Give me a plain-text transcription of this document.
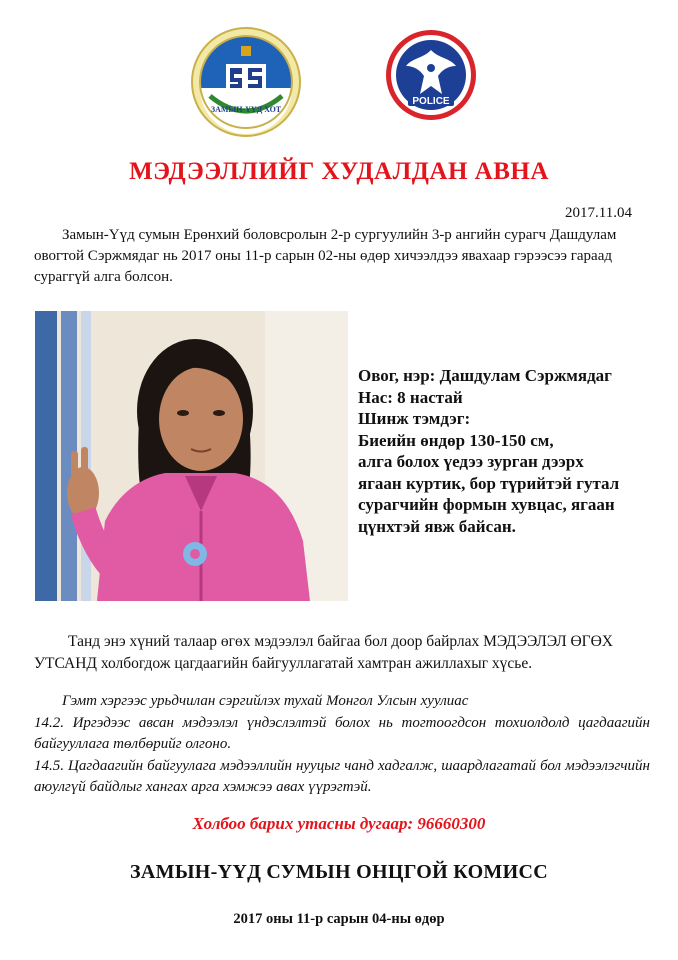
ЗАМЫН-ҮҮД ХОТ
POLICE
МЭДЭЭЛЛИЙГ ХУДАЛДАН АВНА
2017.11.04
Замын-Үүд сумын Ерөнхий боловсролын 2-р сургуулийн 3-р ангийн сурагч Дашдулам овогтой Сэржмядаг нь 2017 оны 11-р сарын 02-ны өдөр хичээлдээ явахаар гэрээсээ гараад сураггүй алга болсон.
Овог, нэр: Дашдулам Сэржмядаг
Нас: 8 настай
Шинж тэмдэг:
Биеийн өндөр 130-150 см,
алга болох үедээ зурган дээрх
ягаан куртик, бор түрийтэй гутал
сурагчийн формын хувцас, ягаан
цүнхтэй явж байсан.
Танд энэ хүний талаар өгөх мэдээлэл байгаа бол доор байрлах МЭДЭЭЛЭЛ ӨГӨХ УТСАНД холбогдож цагдаагийн байгууллагатай хамтран ажиллахыг хүсье.
Гэмт хэргээс урьдчилан сэргийлэх тухай Монгол Улсын хуулиас
14.2. Иргэдээс авсан мэдээлэл үндэслэлтэй болох нь тогтоогдсон тохиолдолд цагдаагийн байгууллага төлбөрийг олгоно.
14.5. Цагдаагийн байгуулага мэдээллийн нууцыг чанд хадгалж, шаардлагатай бол мэдээлэгчийн аюулгүй байдлыг хангах арга хэмжээ авах үүрэгтэй.
Холбоо барих утасны дугаар: 96660300
ЗАМЫН-ҮҮД СУМЫН ОНЦГОЙ КОМИСС
2017 оны 11-р сарын 04-ны өдөр
